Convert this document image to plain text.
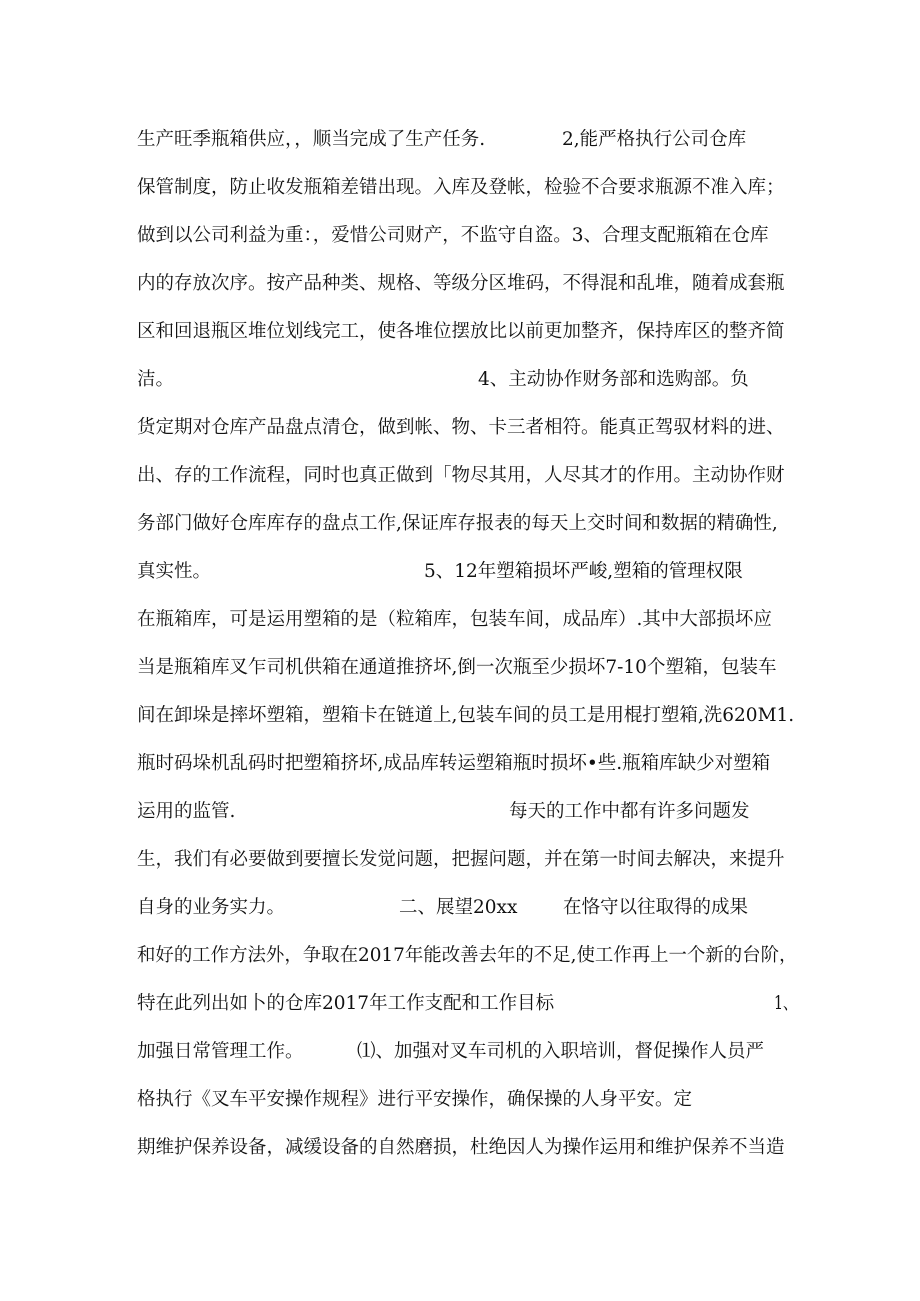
生产旺季瓶箱供应，，顺当完成了生产任务.	2,能严格执行公司仓库
保管制度，防止收发瓶箱差错出现。入库及登帐，检验不合要求瓶源不准入库；
做到以公司利益为重：，爱惜公司财产，不监守自盗。3、合理支配瓶箱在仓库
内的存放次序。按产品种类、规格、等级分区堆码，不得混和乱堆，随着成套瓶
区和回退瓶区堆位划线完工，使各堆位摆放比以前更加整齐，保持库区的整齐简
洁。	4、主动协作财务部和选购部。负
货定期对仓库产品盘点清仓，做到帐、物、卡三者相符。能真正驾驭材料的进、
出、存的工作流程，同时也真正做到「物尽其用，人尽其才的作用。主动协作财
务部门做好仓库库存的盘点工作,保证库存报表的每天上交时间和数据的精确性,
真实性。	5、12年塑箱损坏严峻,塑箱的管理权限
在瓶箱库，可是运用塑箱的是（粒箱库，包装车间，成品库）.其中大部损坏应
当是瓶箱库叉乍司机供箱在通道推挤坏,倒一次瓶至少损坏7-10个塑箱，包装车
间在卸垛是摔坏塑箱，塑箱卡在链道上,包装车间的员工是用棍打塑箱,洗620M1.
瓶时码垛机乱码时把塑箱挤坏,成品库转运塑箱瓶时损坏•些.瓶箱库缺少对塑箱
运用的监管.	每天的工作中都有许多问题发
生，我们有必要做到要擅长发觉问题，把握问题，并在第一时间去解决，来提升
自身的业务实力。	二、展望20xx 在恪守以往取得的成果
和好的工作方法外，争取在2017年能改善去年的不足,使工作再上一个新的台阶，
特在此列出如卜的仓库2017年工作支配和工作目标	1、
加强日常管理工作。	⑴、加强对叉车司机的入职培训，督促操作人员严
格执行《叉车平安操作规程》进行平安操作，确保操的人身平安。定
期维护保养设备，减缓设备的自然磨损，杜绝因人为操作运用和维护保养不当造
